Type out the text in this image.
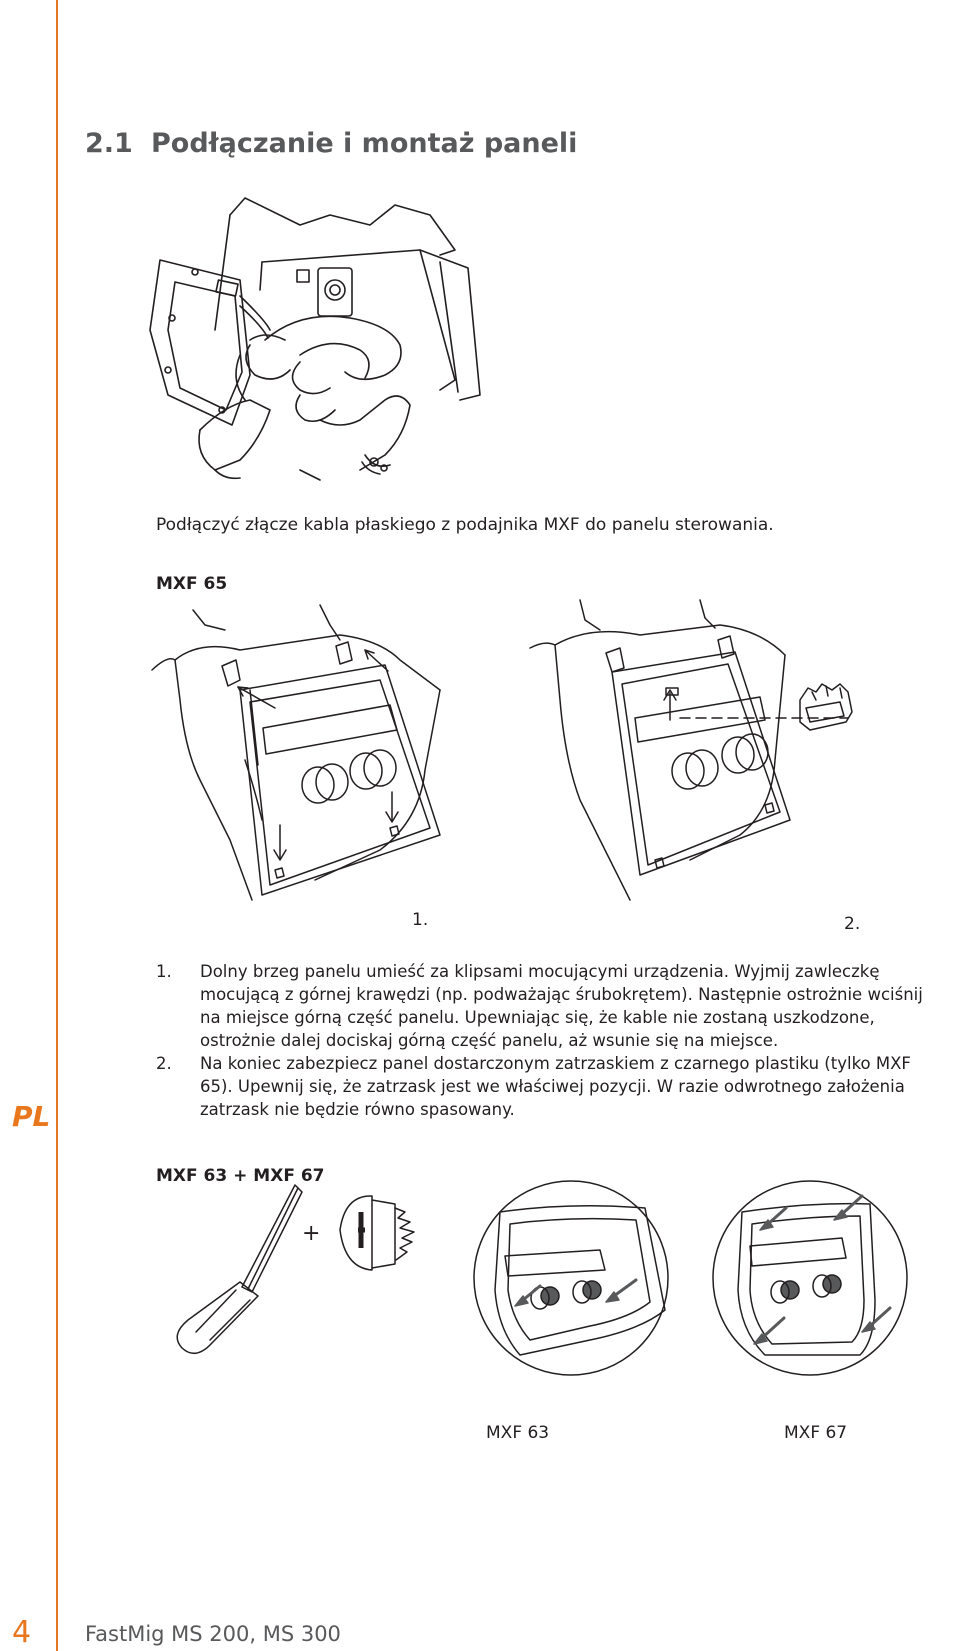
PL
2.1 Podłączanie i montaż paneli

Podłączyć złącze kabla płaskiego z podajnika MXF do panelu sterowania.

MXF 65
1.	2.
1. Dolny brzeg panelu umieść za klipsami mocującymi urządzenia. Wyjmij zawleczkę mocującą z górnej krawędzi (np. podważając śrubokrętem). Następnie ostrożnie wciśnij na miejsce górną część panelu. Upewniając się, że kable nie zostaną uszkodzone, ostrożnie dalej dociskaj górną część panelu, aż wsunie się na miejsce.
2. Na koniec zabezpiecz panel dostarczonym zatrzaskiem z czarnego plastiku (tylko MXF 65). Upewnij się, że zatrzask jest we właściwej pozycji. W razie odwrotnego założenia zatrzask nie będzie równo spasowany.
MXF 63 + MXF 67
+
MXF 63	MXF 67
4	FastMig MS 200, MS 300
